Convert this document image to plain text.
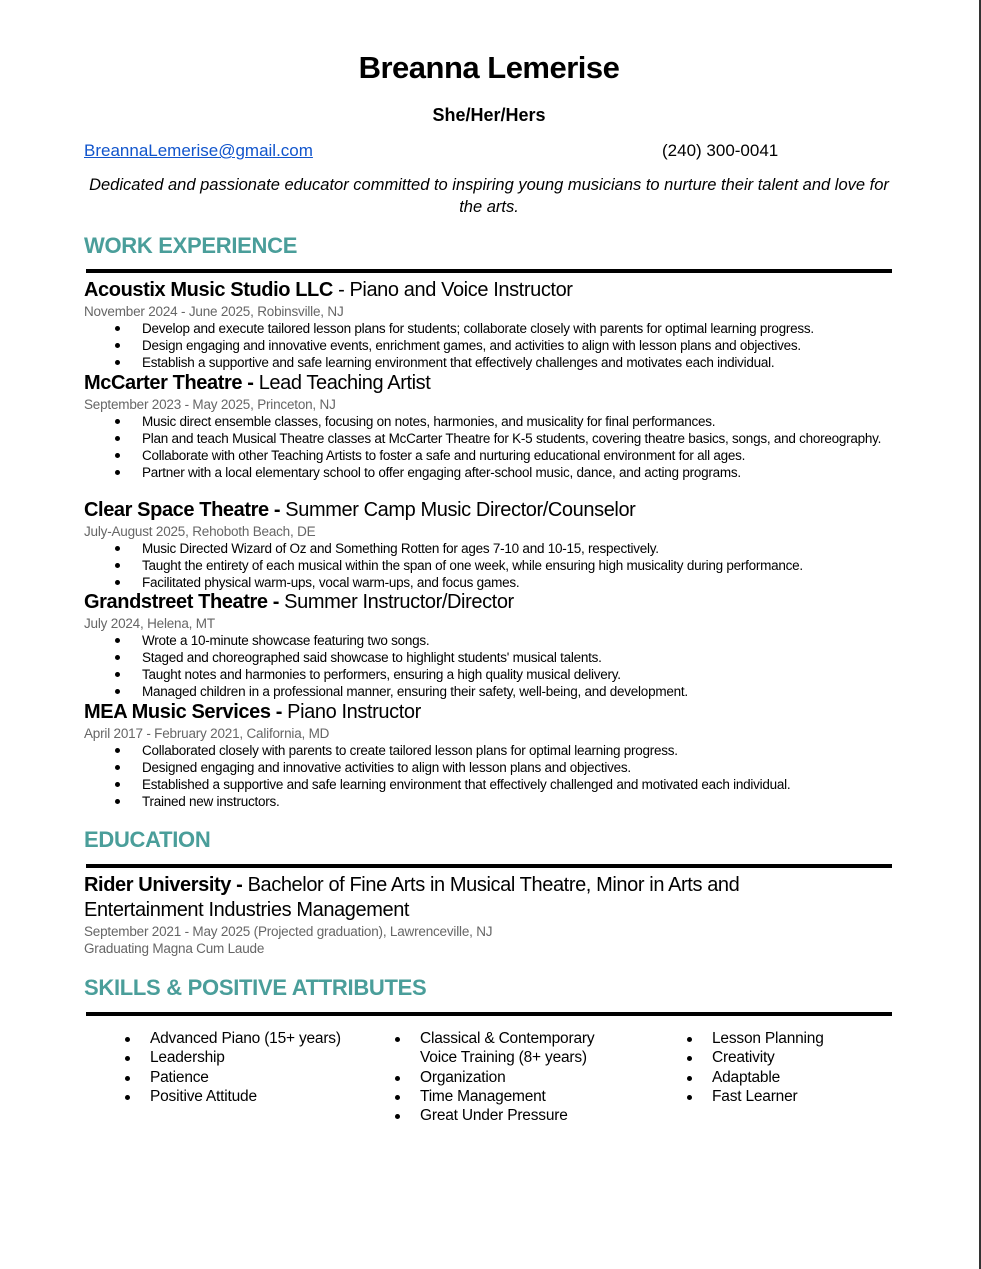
Breanna Lemerise
She/Her/Hers
BreannaLemerise@gmail.com	(240) 300-0041
Dedicated and passionate educator committed to inspiring young musicians to nurture their talent and love for the arts.
WORK EXPERIENCE
Acoustix Music Studio LLC - Piano and Voice Instructor
November 2024 - June 2025, Robinsville, NJ
Develop and execute tailored lesson plans for students; collaborate closely with parents for optimal learning progress.
Design engaging and innovative events, enrichment games, and activities to align with lesson plans and objectives.
Establish a supportive and safe learning environment that effectively challenges and motivates each individual.
McCarter Theatre - Lead Teaching Artist
September 2023 - May 2025, Princeton, NJ
Music direct ensemble classes, focusing on notes, harmonies, and musicality for final performances.
Plan and teach Musical Theatre classes at McCarter Theatre for K-5 students, covering theatre basics, songs, and choreography.
Collaborate with other Teaching Artists to foster a safe and nurturing educational environment for all ages.
Partner with a local elementary school to offer engaging after-school music, dance, and acting programs.
Clear Space Theatre - Summer Camp Music Director/Counselor
July-August 2025, Rehoboth Beach, DE
Music Directed Wizard of Oz and Something Rotten for ages 7-10 and 10-15, respectively.
Taught the entirety of each musical within the span of one week, while ensuring high musicality during performance.
Facilitated physical warm-ups, vocal warm-ups, and focus games.
Grandstreet Theatre - Summer Instructor/Director
July 2024, Helena, MT
Wrote a 10-minute showcase featuring two songs.
Staged and choreographed said showcase to highlight students' musical talents.
Taught notes and harmonies to performers, ensuring a high quality musical delivery.
Managed children in a professional manner, ensuring their safety, well-being, and development.
MEA Music Services - Piano Instructor
April 2017 - February 2021, California, MD
Collaborated closely with parents to create tailored lesson plans for optimal learning progress.
Designed engaging and innovative activities to align with lesson plans and objectives.
Established a supportive and safe learning environment that effectively challenged and motivated each individual.
Trained new instructors.
EDUCATION
Rider University - Bachelor of Fine Arts in Musical Theatre, Minor in Arts and Entertainment Industries Management
September 2021 - May 2025 (Projected graduation), Lawrenceville, NJ
Graduating Magna Cum Laude
SKILLS & POSITIVE ATTRIBUTES
Advanced Piano (15+ years)
Leadership
Patience
Positive Attitude
Classical & Contemporary Voice Training (8+ years)
Organization
Time Management
Great Under Pressure
Lesson Planning
Creativity
Adaptable
Fast Learner
